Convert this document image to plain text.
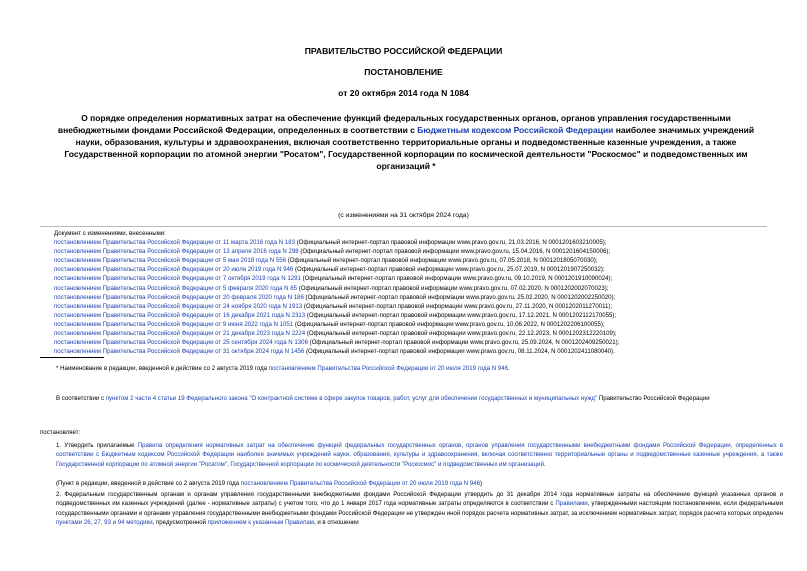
ПРАВИТЕЛЬСТВО РОССИЙСКОЙ ФЕДЕРАЦИИ
ПОСТАНОВЛЕНИЕ
от 20 октября 2014 года N 1084
О порядке определения нормативных затрат на обеспечение функций федеральных государственных органов, органов управления государственными внебюджетными фондами Российской Федерации, определенных в соответствии с Бюджетным кодексом Российской Федерации наиболее значимых учреждений науки, образования, культуры и здравоохранения, включая соответственно территориальные органы и подведомственные казенные учреждения, а также Государственной корпорации по атомной энергии "Росатом", Государственной корпорации по космической деятельности "Роскосмос" и подведомственных им организаций *
(с изменениями на 31 октября 2024 года)
Документ с изменениями, внесенными:
постановлением Правительства Российской Федерации от 11 марта 2016 года N 183 (Официальный интернет-портал правовой информации www.pravo.gov.ru, 21.03.2016, N 0001201603210005);
постановлением Правительства Российской Федерации от 13 апреля 2016 года N 298 (Официальный интернет-портал правовой информации www.pravo.gov.ru, 15.04.2016, N 0001201604150006);
постановлением Правительства Российской Федерации от 5 мая 2018 года N 556 (Официальный интернет-портал правовой информации www.pravo.gov.ru, 07.05.2018, N 0001201805070030);
постановлением Правительства Российской Федерации от 20 июля 2019 года N 946 (Официальный интернет-портал правовой информации www.pravo.gov.ru, 25.07.2019, N 0001201907250032);
постановлением Правительства Российской Федерации от 7 октября 2019 года N 1291 (Официальный интернет-портал правовой информации www.pravo.gov.ru, 09.10.2019, N 0001201910090024);
постановлением Правительства Российской Федерации от 5 февраля 2020 года N 85 (Официальный интернет-портал правовой информации www.pravo.gov.ru, 07.02.2020, N 0001202002070023);
постановлением Правительства Российской Федерации от 20 февраля 2020 года N 186 (Официальный интернет-портал правовой информации www.pravo.gov.ru, 25.02.2020, N 0001202002250020);
постановлением Правительства Российской Федерации от 24 ноября 2020 года N 1913 (Официальный интернет-портал правовой информации www.pravo.gov.ru, 27.11.2020, N 0001202011270011);
постановлением Правительства Российской Федерации от 16 декабря 2021 года N 2313 (Официальный интернет-портал правовой информации www.pravo.gov.ru, 17.12.2021, N 0001202112170055);
постановлением Правительства Российской Федерации от 9 июня 2022 года N 1051 (Официальный интернет-портал правовой информации www.pravo.gov.ru, 10.06.2022, N 0001202206100055);
постановлением Правительства Российской Федерации от 21 декабря 2023 года N 2224 (Официальный интернет-портал правовой информации www.pravo.gov.ru, 22.12.2023, N 0001202312220109);
постановлением Правительства Российской Федерации от 25 сентября 2024 года N 1306 (Официальный интернет-портал правовой информации www.pravo.gov.ru, 25.09.2024, N 0001202409250021);
постановлением Правительства Российской Федерации от 31 октября 2024 года N 1456 (Официальный интернет-портал правовой информации www.pravo.gov.ru, 08.11.2024, N 0001202411080040).
* Наименование в редакции, введенной в действие со 2 августа 2019 года постановлением Правительства Российской Федерации от 20 июля 2019 года N 946.
В соответствии с пунктом 2 части 4 статьи 19 Федерального закона "О контрактной системе в сфере закупок товаров, работ, услуг для обеспечения государственных и муниципальных нужд" Правительство Российской Федерации
постановляет:
1. Утвердить прилагаемые Правила определения нормативных затрат на обеспечение функций федеральных государственных органов, органов управления государственными внебюджетными фондами Российской Федерации, определенных в соответствии с Бюджетным кодексом Российской Федерации наиболее значимых учреждений науки, образования, культуры и здравоохранения, включая соответственно территориальные органы и подведомственные казенные учреждения, а также Государственной корпорации по атомной энергии "Росатом", Государственной корпорации по космической деятельности "Роскосмос" и подведомственных им организаций.
(Пункт в редакции, введенной в действие со 2 августа 2019 года постановлением Правительства Российской Федерации от 20 июля 2019 года N 946)
2. Федеральным государственным органам и органам управления государственными внебюджетными фондами Российской Федерации утвердить до 31 декабря 2014 года нормативные затраты на обеспечение функций указанных органов и подведомственных им казенных учреждений (далее - нормативные затраты) с учетом того, что до 1 января 2017 года нормативные затраты определяются в соответствии с Правилами, утвержденными настоящим постановлением, если федеральными государственными органами и органами управления государственными внебюджетными фондами Российской Федерации не утвержден иной порядок расчета нормативных затрат, за исключением нормативных затрат, порядок расчета которых определен пунктами 26, 27, 93 и 94 методики, предусмотренной приложением к указанным Правилам, и в отношении
